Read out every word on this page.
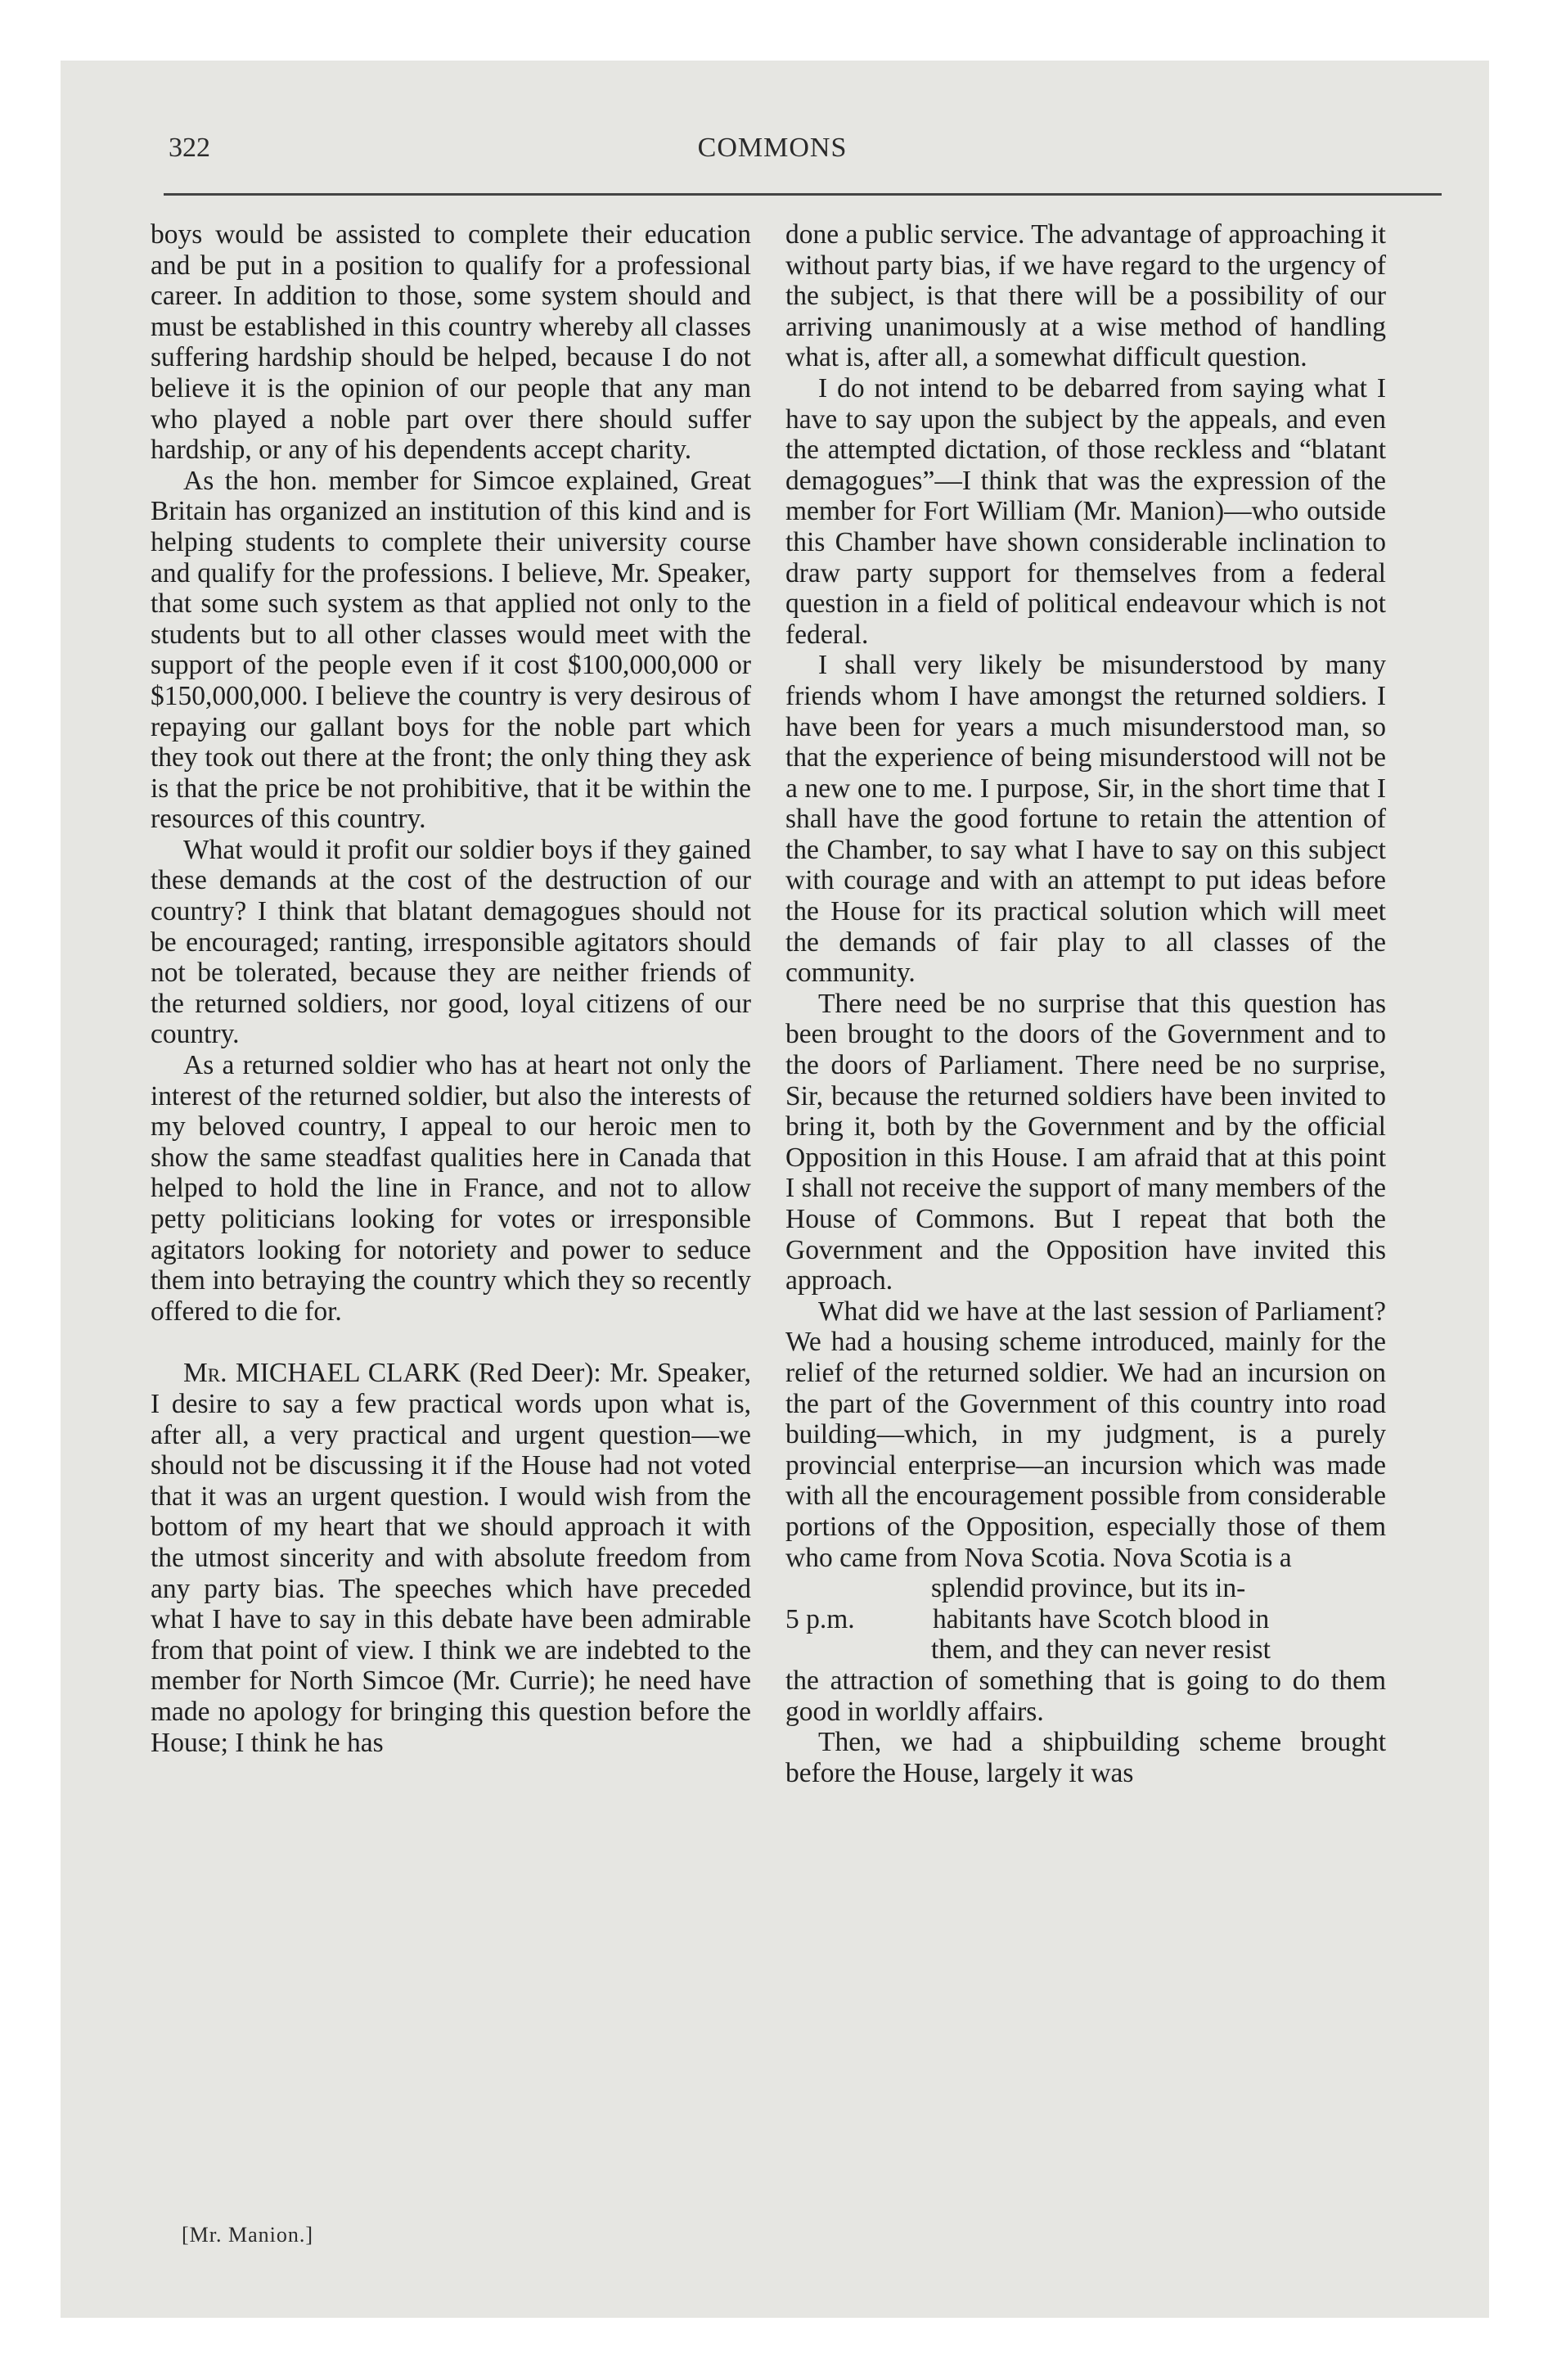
322	COMMONS

boys would be assisted to complete their education and be put in a position to qualify for a professional career. In addition to those, some system should and must be established in this country whereby all classes suffering hardship should be helped, because I do not believe it is the opinion of our people that any man who played a noble part over there should suffer hardship, or any of his dependents accept charity.

As the hon. member for Simcoe explained, Great Britain has organized an institution of this kind and is helping students to complete their university course and qualify for the professions. I believe, Mr. Speaker, that some such system as that applied not only to the students but to all other classes would meet with the support of the people even if it cost $100,000,000 or $150,000,000. I believe the country is very desirous of repaying our gallant boys for the noble part which they took out there at the front; the only thing they ask is that the price be not prohibitive, that it be within the resources of this country.

What would it profit our soldier boys if they gained these demands at the cost of the destruction of our country? I think that blatant demagogues should not be encouraged; ranting, irresponsible agitators should not be tolerated, because they are neither friends of the returned soldiers, nor good, loyal citizens of our country.

As a returned soldier who has at heart not only the interest of the returned soldier, but also the interests of my beloved country, I appeal to our heroic men to show the same steadfast qualities here in Canada that helped to hold the line in France, and not to allow petty politicians looking for votes or irresponsible agitators looking for notoriety and power to seduce them into betraying the country which they so recently offered to die for.

Mr. MICHAEL CLARK (Red Deer): Mr. Speaker, I desire to say a few practical words upon what is, after all, a very practical and urgent question—we should not be discussing it if the House had not voted that it was an urgent question. I would wish from the bottom of my heart that we should approach it with the utmost sincerity and with absolute freedom from any party bias. The speeches which have preceded what I have to say in this debate have been admirable from that point of view. I think we are indebted to the member for North Simcoe (Mr. Currie); he need have made no apology for bringing this question before the House; I think he has

done a public service. The advantage of approaching it without party bias, if we have regard to the urgency of the subject, is that there will be a possibility of our arriving unanimously at a wise method of handling what is, after all, a somewhat difficult question.

I do not intend to be debarred from saying what I have to say upon the subject by the appeals, and even the attempted dictation, of those reckless and “blatant demagogues”—I think that was the expression of the member for Fort William (Mr. Manion)—who outside this Chamber have shown considerable inclination to draw party support for themselves from a federal question in a field of political endeavour which is not federal.

I shall very likely be misunderstood by many friends whom I have amongst the returned soldiers. I have been for years a much misunderstood man, so that the experience of being misunderstood will not be a new one to me. I purpose, Sir, in the short time that I shall have the good fortune to retain the attention of the Chamber, to say what I have to say on this subject with courage and with an attempt to put ideas before the House for its practical solution which will meet the demands of fair play to all classes of the community.

There need be no surprise that this question has been brought to the doors of the Government and to the doors of Parliament. There need be no surprise, Sir, because the returned soldiers have been invited to bring it, both by the Government and by the official Opposition in this House. I am afraid that at this point I shall not receive the support of many members of the House of Commons. But I repeat that both the Government and the Opposition have invited this approach.

What did we have at the last session of Parliament? We had a housing scheme introduced, mainly for the relief of the returned soldier. We had an incursion on the part of the Government of this country into road building—which, in my judgment, is a purely provincial enterprise—an incursion which was made with all the encouragement possible from considerable portions of the Opposition, especially those of them who came from Nova Scotia. Nova Scotia is a

splendid province, but its in-

5 p.m.	habitants have Scotch blood in

them, and they can never resist

the attraction of something that is going to do them good in worldly affairs.

Then, we had a shipbuilding scheme brought before the House, largely it was

[Mr. Manion.]
